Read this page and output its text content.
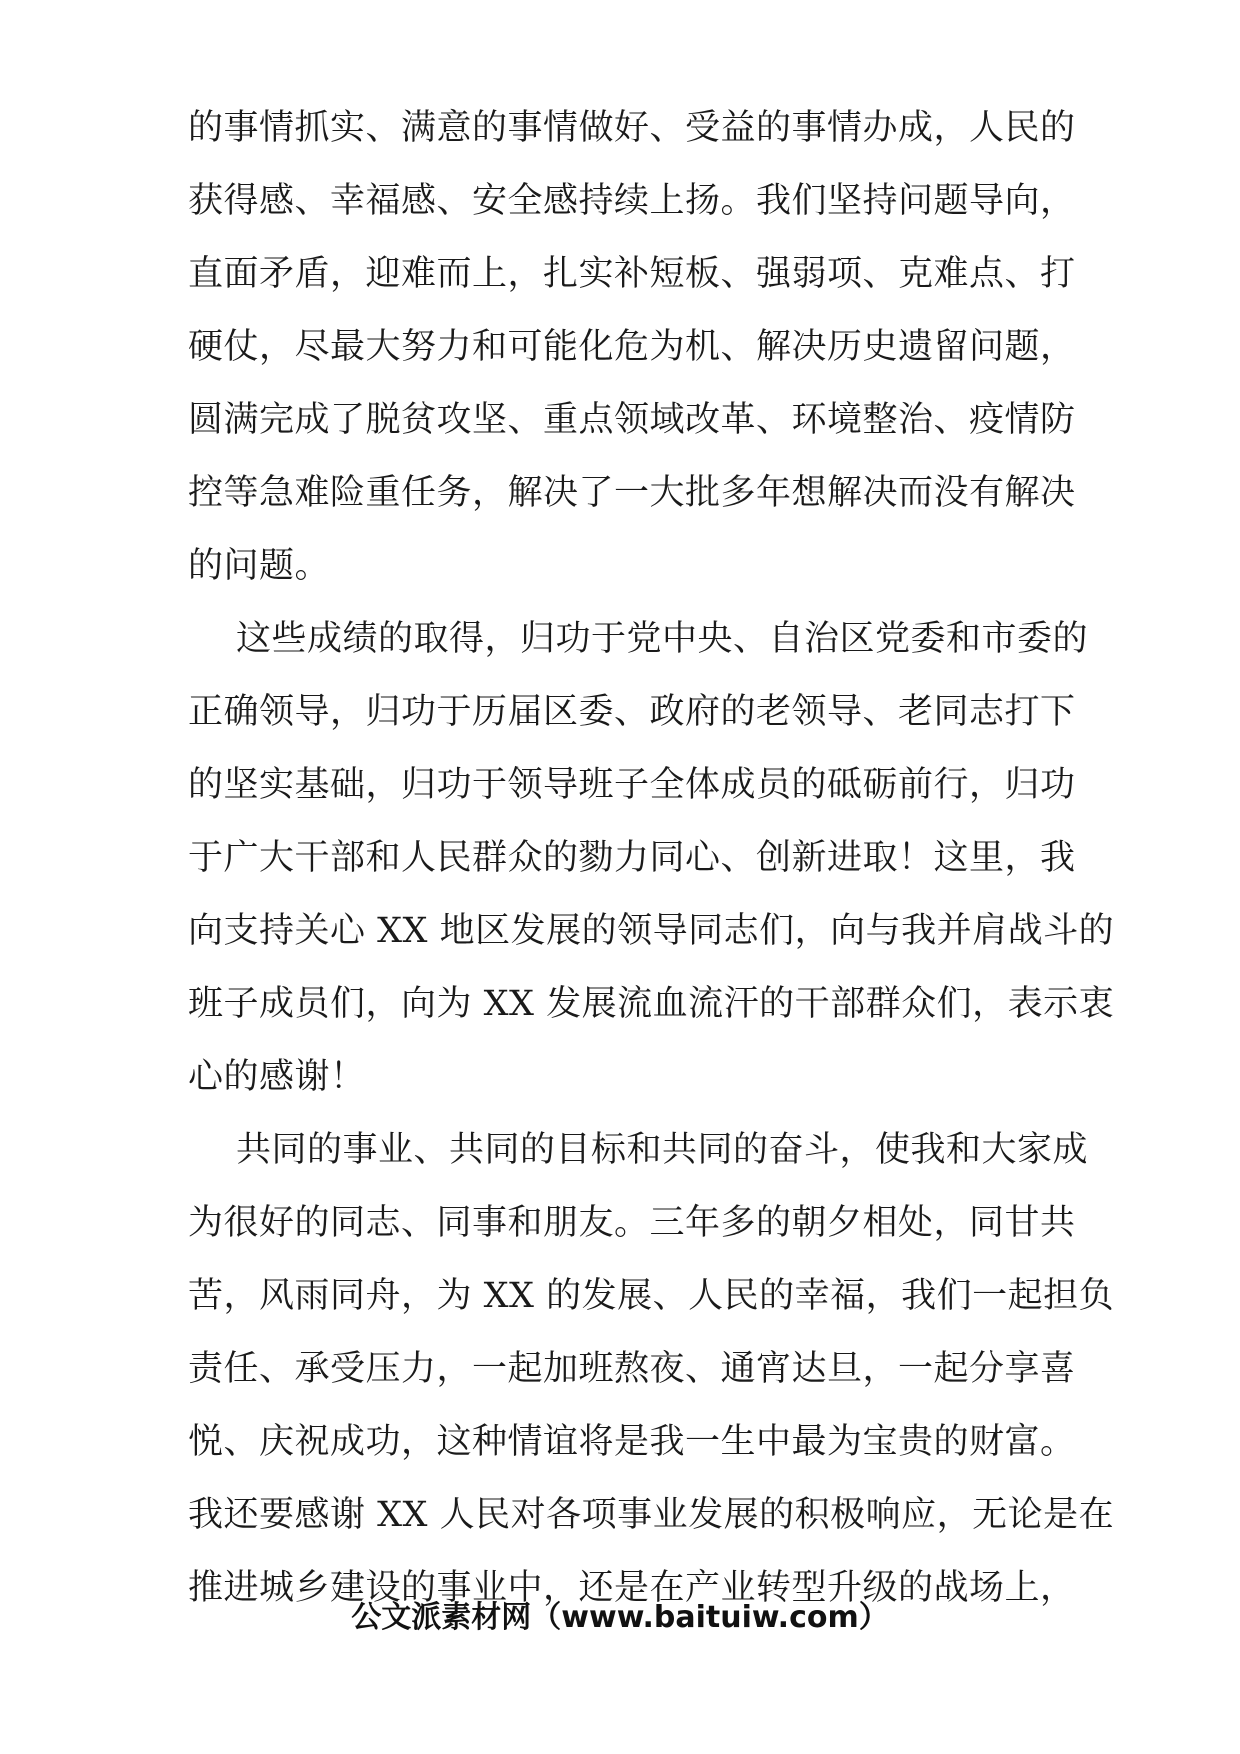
的事情抓实、满意的事情做好、受益的事情办成，人民的
获得感、幸福感、安全感持续上扬。我们坚持问题导向，
直面矛盾，迎难而上，扎实补短板、强弱项、克难点、打
硬仗，尽最大努力和可能化危为机、解决历史遗留问题，
圆满完成了脱贫攻坚、重点领域改革、环境整治、疫情防
控等急难险重任务，解决了一大批多年想解决而没有解决
的问题。
这些成绩的取得，归功于党中央、自治区党委和市委的
正确领导，归功于历届区委、政府的老领导、老同志打下
的坚实基础，归功于领导班子全体成员的砥砺前行，归功
于广大干部和人民群众的勠力同心、创新进取！这里，我
向支持关心 XX 地区发展的领导同志们，向与我并肩战斗的
班子成员们，向为 XX 发展流血流汗的干部群众们，表示衷
心的感谢！
共同的事业、共同的目标和共同的奋斗，使我和大家成
为很好的同志、同事和朋友。三年多的朝夕相处，同甘共
苦，风雨同舟，为 XX 的发展、人民的幸福，我们一起担负
责任、承受压力，一起加班熬夜、通宵达旦，一起分享喜
悦、庆祝成功，这种情谊将是我一生中最为宝贵的财富。
我还要感谢 XX 人民对各项事业发展的积极响应，无论是在
推进城乡建设的事业中，还是在产业转型升级的战场上，
公文派素材网（www.baituiw.com）
